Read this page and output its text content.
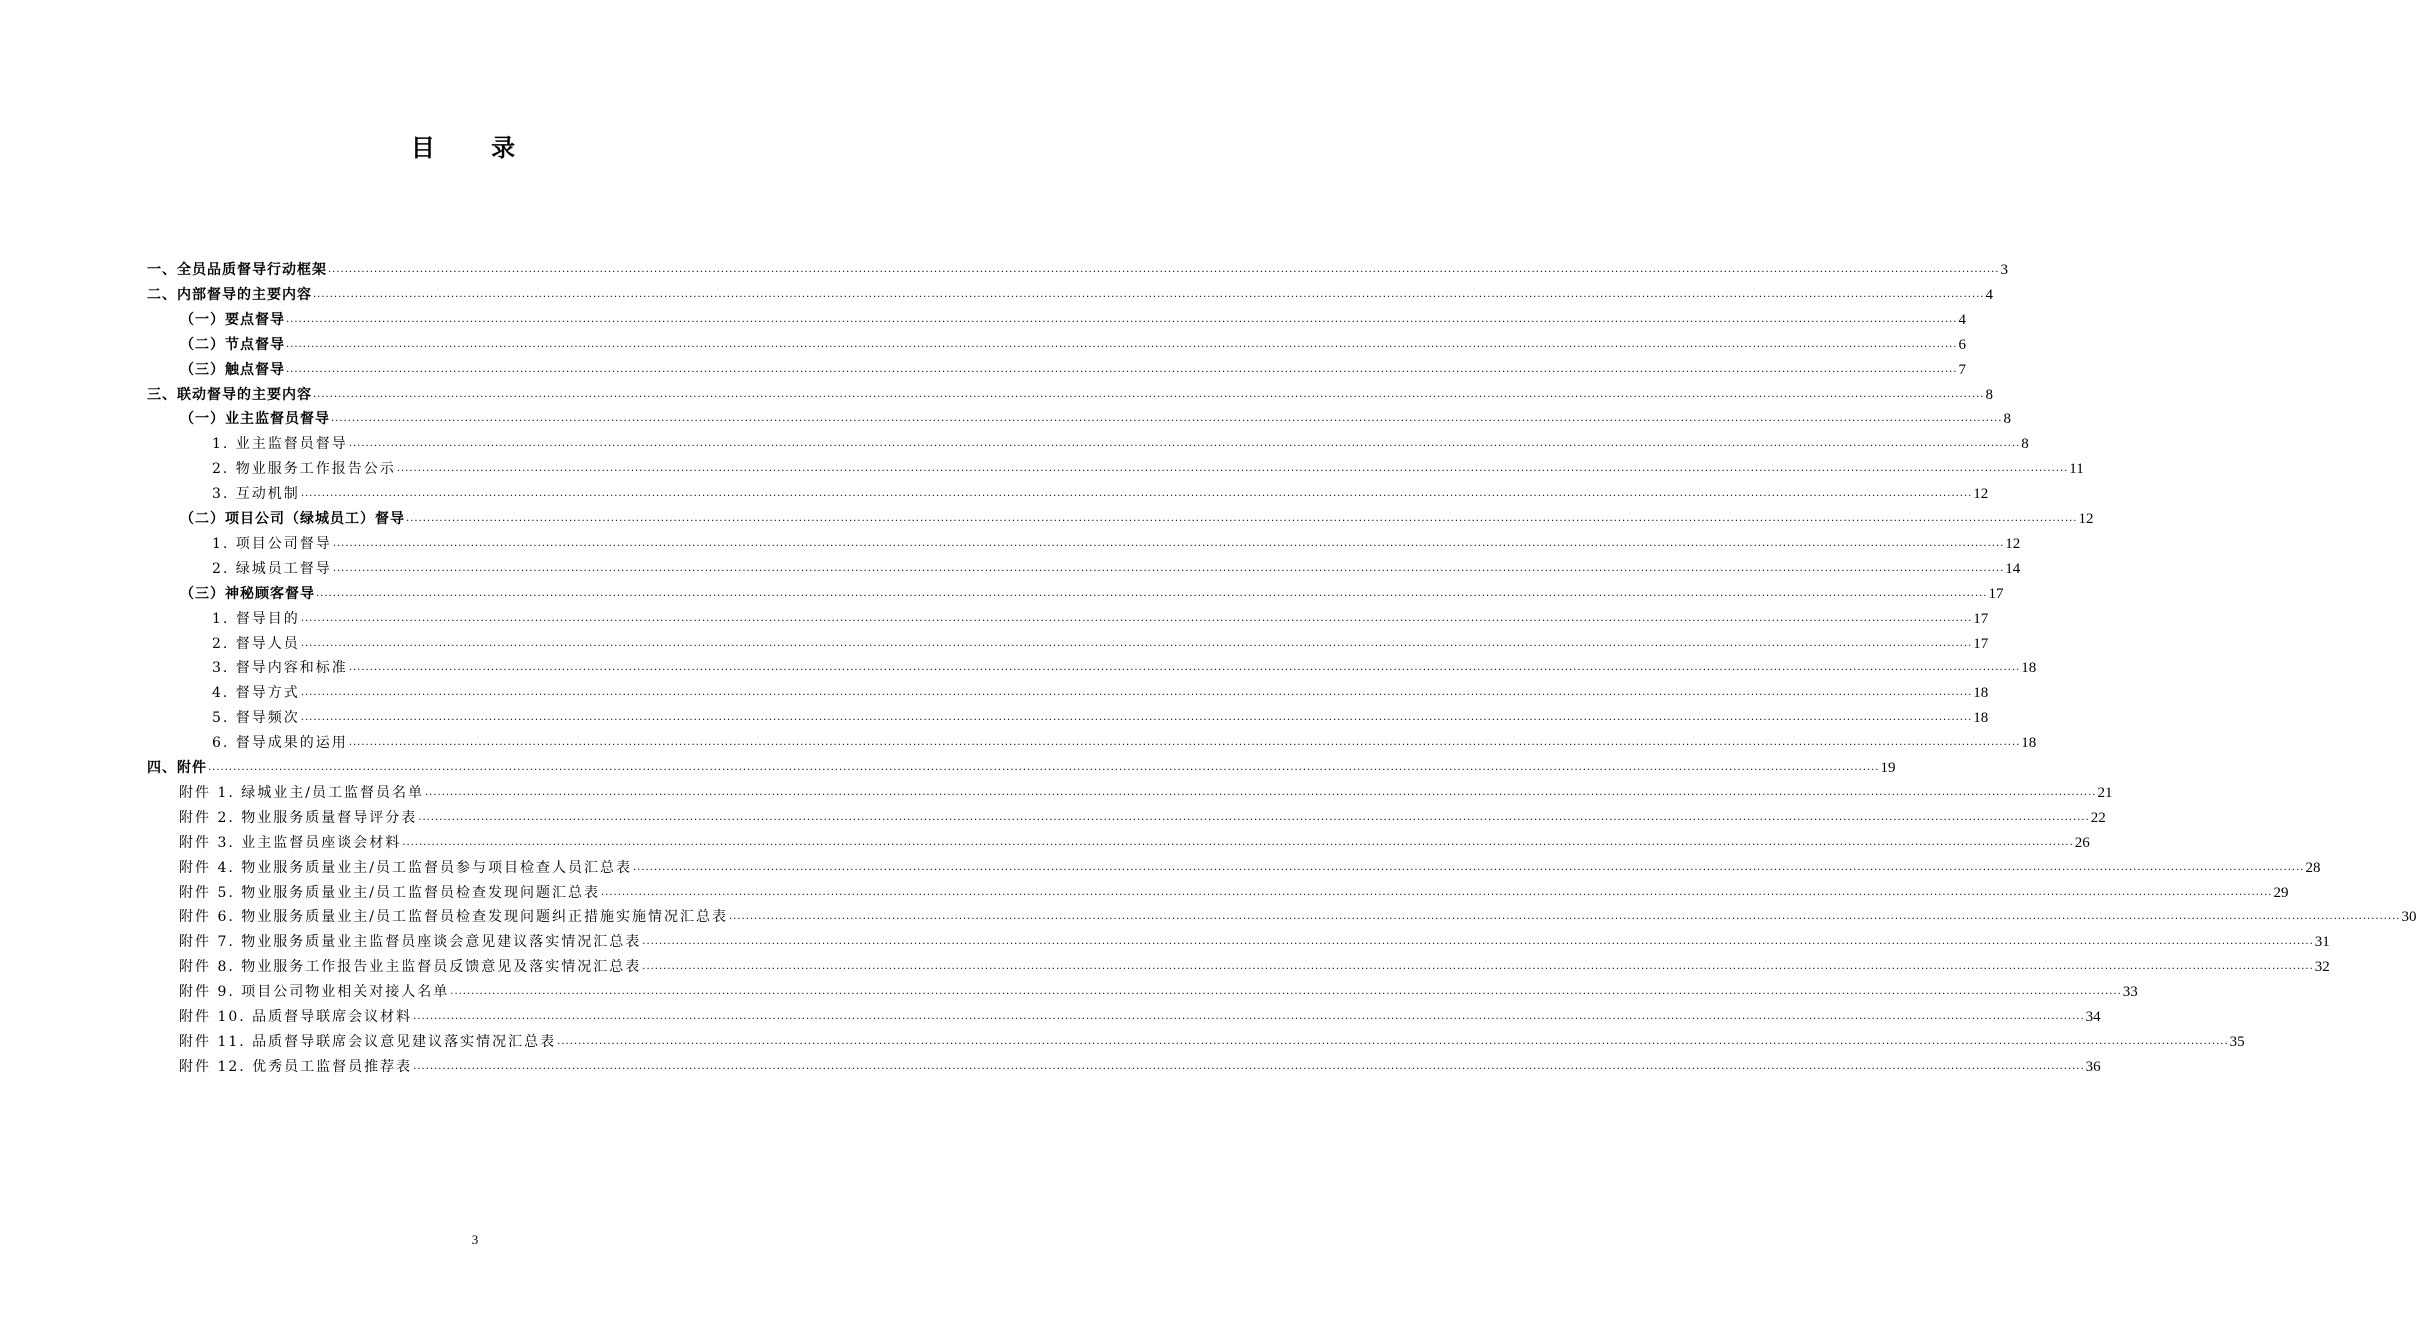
目 录
一、全员品质督导行动框架 ................................................................................................................................................................................................................................................................................................................................................................................................................ 3
二、内部督导的主要内容 ................................................................................................................................................................................................................................................................................................................................................................................................................ 4
（一）要点督导 ................................................................................................................................................................................................................................................................................................................................................................................................................ 4
（二）节点督导 ................................................................................................................................................................................................................................................................................................................................................................................................................ 6
（三）触点督导 ................................................................................................................................................................................................................................................................................................................................................................................................................ 7
三、联动督导的主要内容 ................................................................................................................................................................................................................................................................................................................................................................................................................ 8
（一）业主监督员督导 ................................................................................................................................................................................................................................................................................................................................................................................................................ 8
1. 业主监督员督导 ................................................................................................................................................................................................................................................................................................................................................................................................................ 8
2. 物业服务工作报告公示 ................................................................................................................................................................................................................................................................................................................................................................................................................ 11
3. 互动机制 ................................................................................................................................................................................................................................................................................................................................................................................................................ 12
（二）项目公司（绿城员工）督导 ................................................................................................................................................................................................................................................................................................................................................................................................................ 12
1. 项目公司督导 ................................................................................................................................................................................................................................................................................................................................................................................................................ 12
2. 绿城员工督导 ................................................................................................................................................................................................................................................................................................................................................................................................................ 14
（三）神秘顾客督导 ................................................................................................................................................................................................................................................................................................................................................................................................................ 17
1. 督导目的 ................................................................................................................................................................................................................................................................................................................................................................................................................ 17
2. 督导人员 ................................................................................................................................................................................................................................................................................................................................................................................................................ 17
3. 督导内容和标准 ................................................................................................................................................................................................................................................................................................................................................................................................................ 18
4. 督导方式 ................................................................................................................................................................................................................................................................................................................................................................................................................ 18
5. 督导频次 ................................................................................................................................................................................................................................................................................................................................................................................................................ 18
6. 督导成果的运用 ................................................................................................................................................................................................................................................................................................................................................................................................................ 18
四、附件 ................................................................................................................................................................................................................................................................................................................................................................................................................ 19
附件 1. 绿城业主/员工监督员名单 ................................................................................................................................................................................................................................................................................................................................................................................................................ 21
附件 2. 物业服务质量督导评分表 ................................................................................................................................................................................................................................................................................................................................................................................................................ 22
附件 3. 业主监督员座谈会材料 ................................................................................................................................................................................................................................................................................................................................................................................................................ 26
附件 4. 物业服务质量业主/员工监督员参与项目检查人员汇总表 ................................................................................................................................................................................................................................................................................................................................................................................................................ 28
附件 5. 物业服务质量业主/员工监督员检查发现问题汇总表 ................................................................................................................................................................................................................................................................................................................................................................................................................ 29
附件 6. 物业服务质量业主/员工监督员检查发现问题纠正措施实施情况汇总表 ................................................................................................................................................................................................................................................................................................................................................................................................................ 30
附件 7. 物业服务质量业主监督员座谈会意见建议落实情况汇总表 ................................................................................................................................................................................................................................................................................................................................................................................................................ 31
附件 8. 物业服务工作报告业主监督员反馈意见及落实情况汇总表 ................................................................................................................................................................................................................................................................................................................................................................................................................ 32
附件 9. 项目公司物业相关对接人名单 ................................................................................................................................................................................................................................................................................................................................................................................................................ 33
附件 10. 品质督导联席会议材料 ................................................................................................................................................................................................................................................................................................................................................................................................................ 34
附件 11. 品质督导联席会议意见建议落实情况汇总表 ................................................................................................................................................................................................................................................................................................................................................................................................................ 35
附件 12. 优秀员工监督员推荐表 ................................................................................................................................................................................................................................................................................................................................................................................................................ 36
3
